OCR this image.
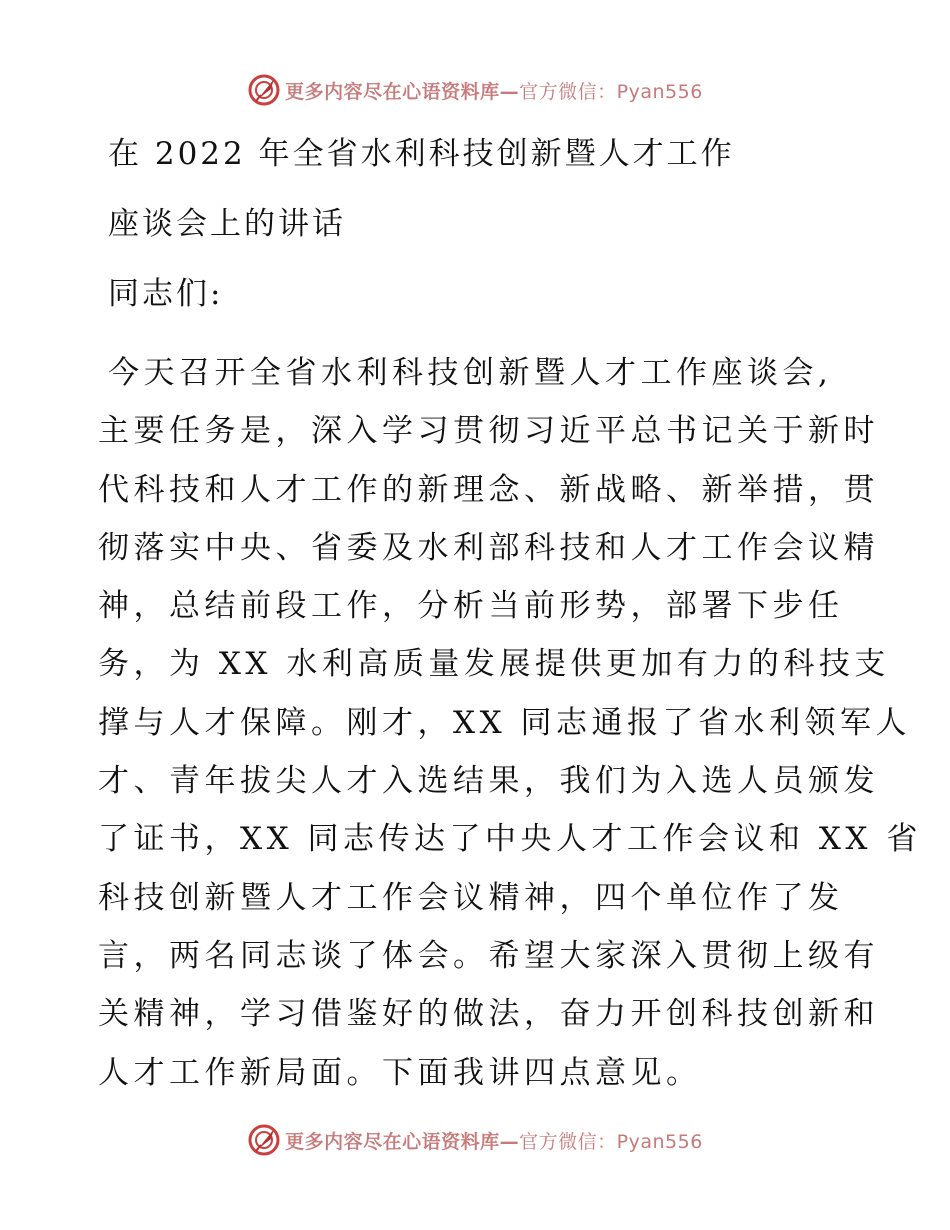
更多内容尽在心语资料库—官方微信：Pyan556
在 2022 年全省水利科技创新暨人才工作
座谈会上的讲话
同志们:
今天召开全省水利科技创新暨人才工作座谈会,
主要任务是，深入学习贯彻习近平总书记关于新时
代科技和人才工作的新理念、新战略、新举措，贯
彻落实中央、省委及水利部科技和人才工作会议精
神，总结前段工作，分析当前形势，部署下步任
务，为 XX 水利高质量发展提供更加有力的科技支
撑与人才保障。刚才，XX 同志通报了省水利领军人
才、青年拔尖人才入选结果，我们为入选人员颁发
了证书，XX 同志传达了中央人才工作会议和 XX 省
科技创新暨人才工作会议精神，四个单位作了发
言，两名同志谈了体会。希望大家深入贯彻上级有
关精神，学习借鉴好的做法，奋力开创科技创新和
人才工作新局面。下面我讲四点意见。
更多内容尽在心语资料库—官方微信：Pyan556
